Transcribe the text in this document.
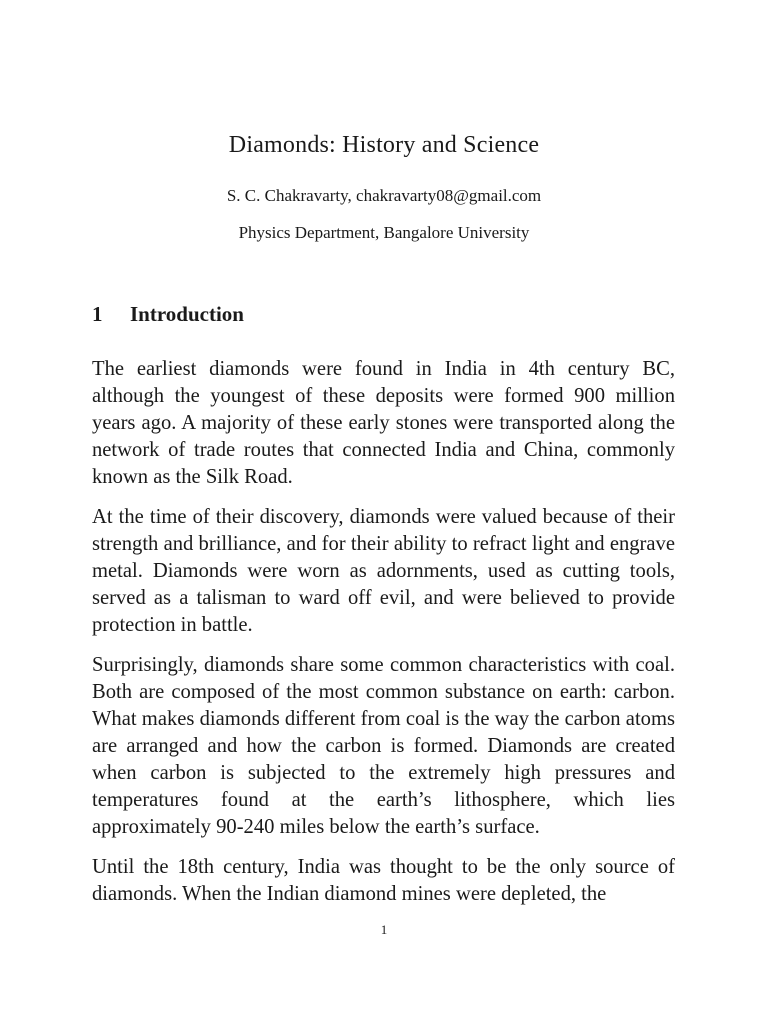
Diamonds: History and Science
S. C. Chakravarty, chakravarty08@gmail.com
Physics Department, Bangalore University
1	Introduction

The earliest diamonds were found in India in 4th century BC, although the youngest of these deposits were formed 900 million years ago. A majority of these early stones were transported along the network of trade routes that connected India and China, commonly known as the Silk Road.

At the time of their discovery, diamonds were valued because of their strength and brilliance, and for their ability to refract light and engrave metal. Diamonds were worn as adornments, used as cutting tools, served as a talisman to ward off evil, and were believed to provide protection in battle.

Surprisingly, diamonds share some common characteristics with coal. Both are composed of the most common substance on earth: carbon. What makes diamonds different from coal is the way the carbon atoms are arranged and how the carbon is formed. Diamonds are created when carbon is subjected to the extremely high pressures and temperatures found at the earth’s lithosphere, which lies approximately 90-240 miles below the earth’s surface.

Until the 18th century, India was thought to be the only source of diamonds. When the Indian diamond mines were depleted, the

1
